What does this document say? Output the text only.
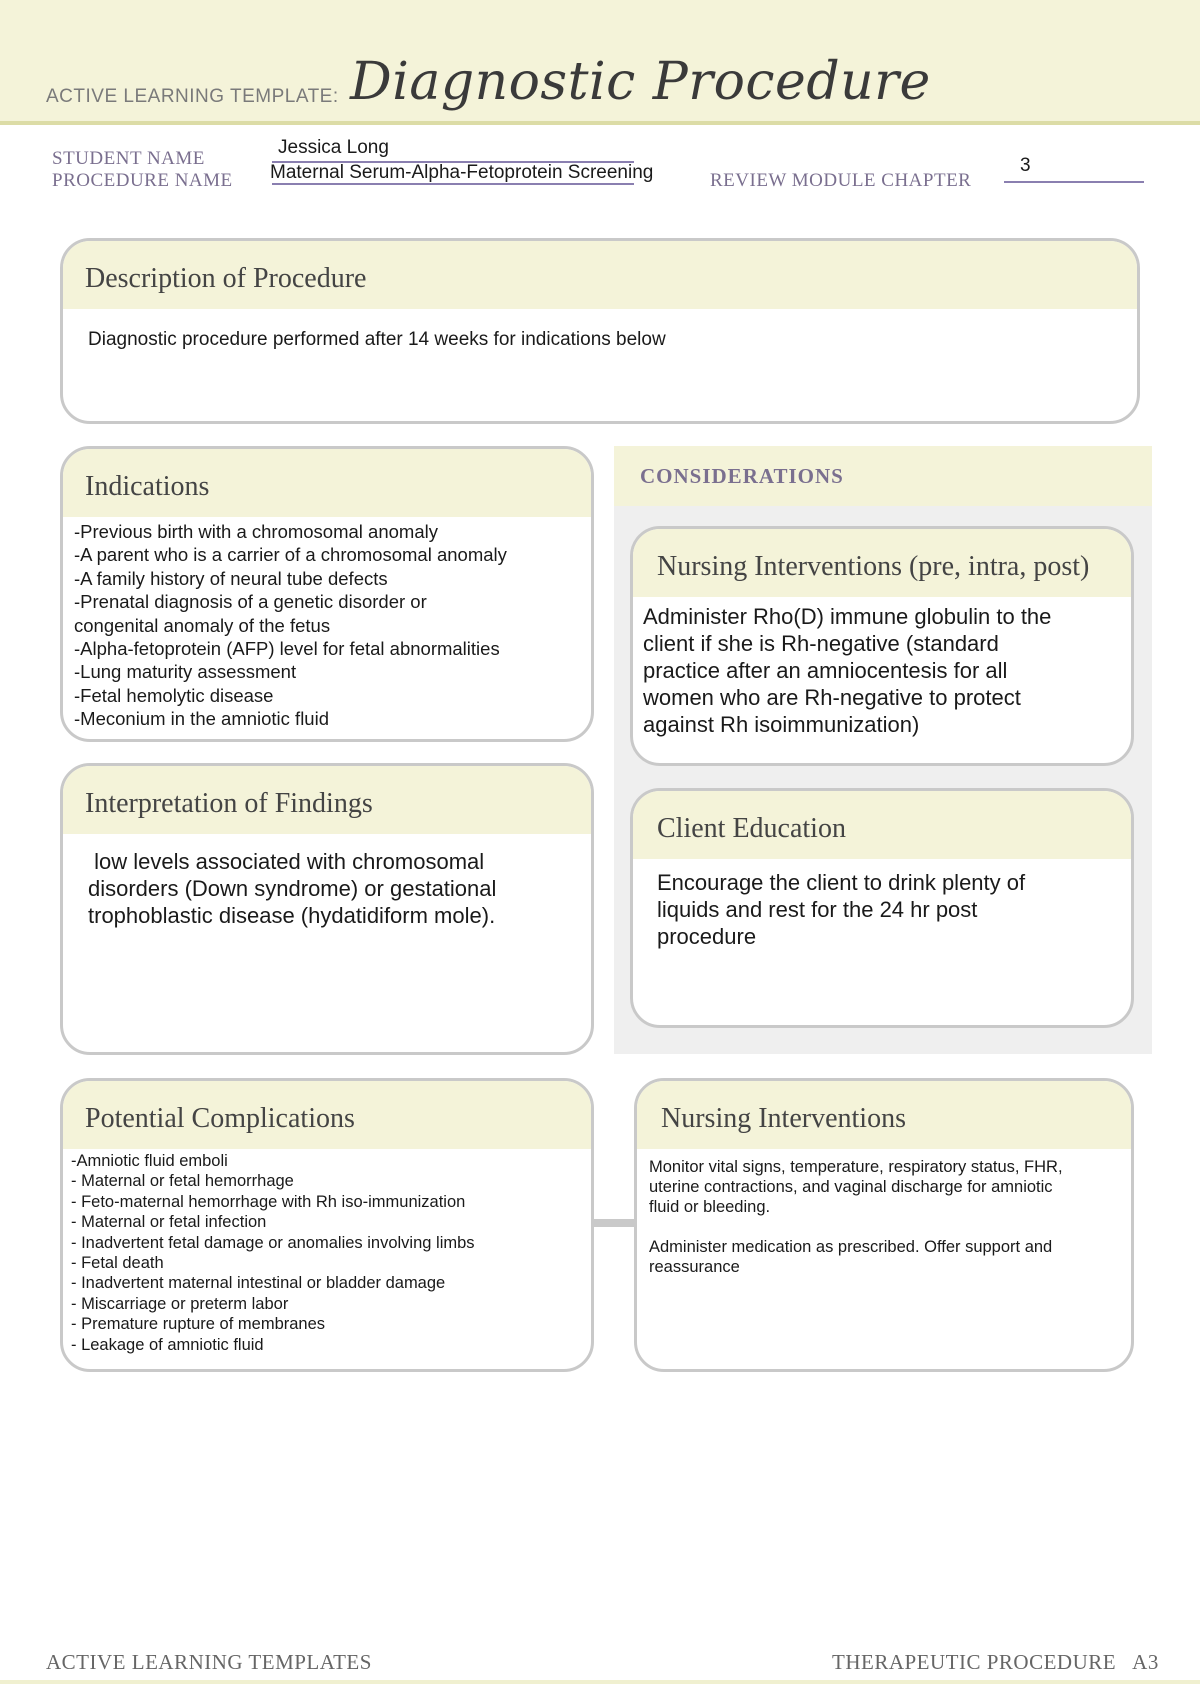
ACTIVE LEARNING TEMPLATE: Diagnostic Procedure
STUDENT NAME
Jessica Long
PROCEDURE NAME Maternal Serum-Alpha-Fetoprotein Screening	REVIEW MODULE CHAPTER
3
Description of Procedure
Diagnostic procedure performed after 14 weeks for indications below
Indications
-Previous birth with a chromosomal anomaly
-A parent who is a carrier of a chromosomal anomaly
-A family history of neural tube defects
-Prenatal diagnosis of a genetic disorder or
congenital anomaly of the fetus
-Alpha-fetoprotein (AFP) level for fetal abnormalities
-Lung maturity assessment
-Fetal hemolytic disease
-Meconium in the amniotic fluid
Interpretation of Findings
low levels associated with chromosomal
disorders (Down syndrome) or gestational
trophoblastic disease (hydatidiform mole).
CONSIDERATIONS
Nursing Interventions (pre, intra, post)
Administer Rho(D) immune globulin to the
client if she is Rh-negative (standard
practice after an amniocentesis for all
women who are Rh-negative to protect
against Rh isoimmunization)
Client Education
Encourage the client to drink plenty of
liquids and rest for the 24 hr post
procedure
Potential Complications
-Amniotic fluid emboli
- Maternal or fetal hemorrhage
- Feto-maternal hemorrhage with Rh iso-immunization
- Maternal or fetal infection
- Inadvertent fetal damage or anomalies involving limbs
- Fetal death
- Inadvertent maternal intestinal or bladder damage
- Miscarriage or preterm labor
- Premature rupture of membranes
- Leakage of amniotic fluid
Nursing Interventions
Monitor vital signs, temperature, respiratory status, FHR,
uterine contractions, and vaginal discharge for amniotic
fluid or bleeding.
Administer medication as prescribed. Offer support and
reassurance
ACTIVE LEARNING TEMPLATES	THERAPEUTIC PROCEDURE   A3
